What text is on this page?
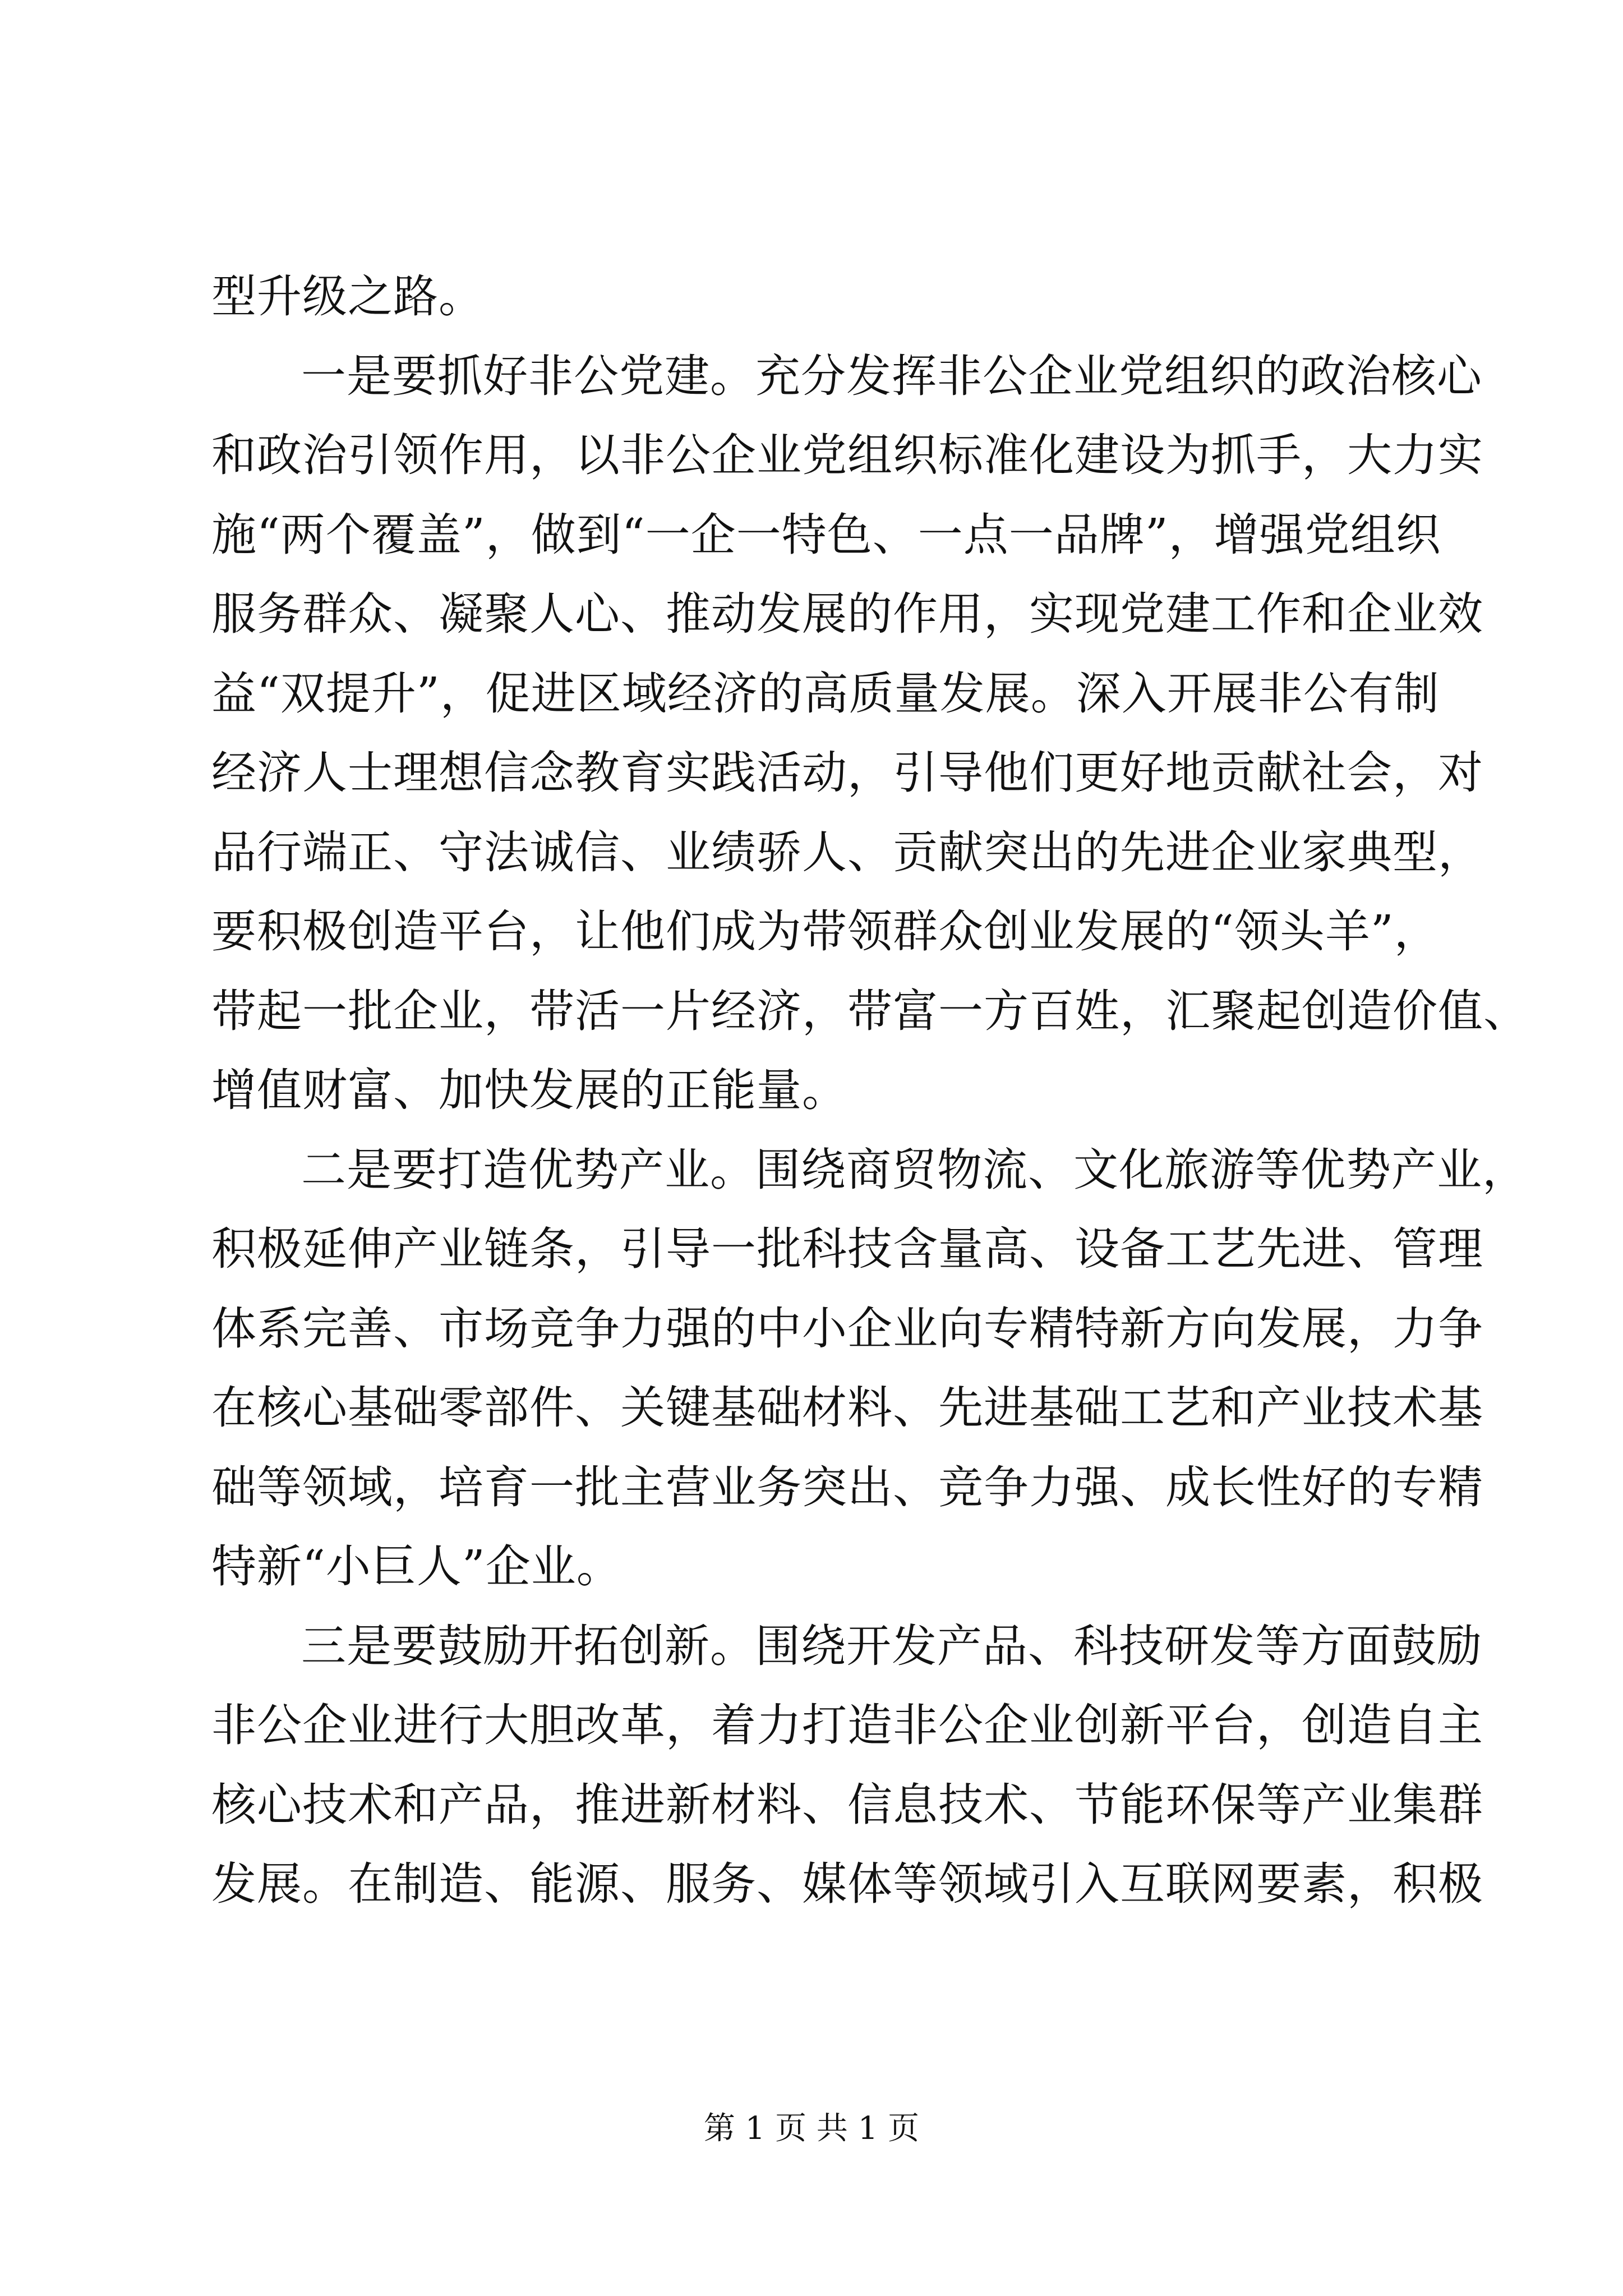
型升级之路。
一是要抓好非公党建。充分发挥非公企业党组织的政治核心
和政治引领作用，以非公企业党组织标准化建设为抓手，大力实
施“两个覆盖”，做到“一企一特色、一点一品牌”，增强党组织
服务群众、凝聚人心、推动发展的作用，实现党建工作和企业效
益“双提升”，促进区域经济的高质量发展。深入开展非公有制
经济人士理想信念教育实践活动，引导他们更好地贡献社会，对
品行端正、守法诚信、业绩骄人、贡献突出的先进企业家典型，
要积极创造平台，让他们成为带领群众创业发展的“领头羊”，
带起一批企业，带活一片经济，带富一方百姓，汇聚起创造价值、
增值财富、加快发展的正能量。
二是要打造优势产业。围绕商贸物流、文化旅游等优势产业，
积极延伸产业链条，引导一批科技含量高、设备工艺先进、管理
体系完善、市场竞争力强的中小企业向专精特新方向发展，力争
在核心基础零部件、关键基础材料、先进基础工艺和产业技术基
础等领域，培育一批主营业务突出、竞争力强、成长性好的专精
特新“小巨人”企业。
三是要鼓励开拓创新。围绕开发产品、科技研发等方面鼓励
非公企业进行大胆改革，着力打造非公企业创新平台，创造自主
核心技术和产品，推进新材料、信息技术、节能环保等产业集群
发展。在制造、能源、服务、媒体等领域引入互联网要素，积极
第 1 页 共 1 页
